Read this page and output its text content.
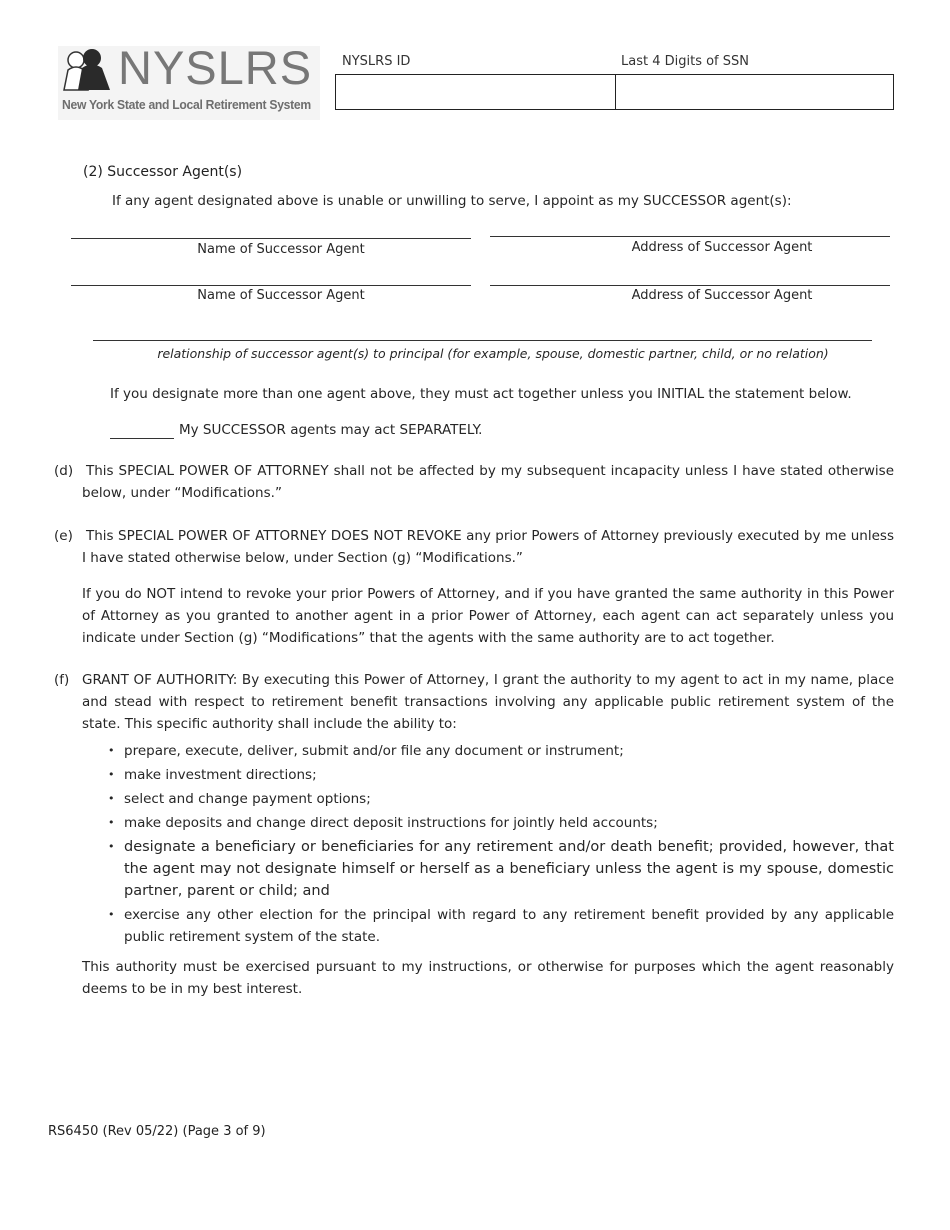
NYSLRS
New York State and Local Retirement System
NYSLRS ID	Last 4 Digits of SSN
(2) Successor Agent(s)
If any agent designated above is unable or unwilling to serve, I appoint as my SUCCESSOR agent(s):
Name of Successor Agent	Address of Successor Agent
Name of Successor Agent	Address of Successor Agent
relationship of successor agent(s) to principal (for example, spouse, domestic partner, child, or no relation)
If you designate more than one agent above, they must act together unless you INITIAL the statement below.
My SUCCESSOR agents may act SEPARATELY.
(d) This SPECIAL POWER OF ATTORNEY shall not be affected by my subsequent incapacity unless I have stated otherwise below, under “Modifications.”
(e) This SPECIAL POWER OF ATTORNEY DOES NOT REVOKE any prior Powers of Attorney previously executed by me unless I have stated otherwise below, under Section (g) “Modifications.”
If you do NOT intend to revoke your prior Powers of Attorney, and if you have granted the same authority in this Power of Attorney as you granted to another agent in a prior Power of Attorney, each agent can act separately unless you indicate under Section (g) “Modifications” that the agents with the same authority are to act together.
(f) GRANT OF AUTHORITY: By executing this Power of Attorney, I grant the authority to my agent to act in my name, place and stead with respect to retirement benefit transactions involving any applicable public retirement system of the state. This specific authority shall include the ability to:
• prepare, execute, deliver, submit and/or file any document or instrument;
• make investment directions;
• select and change payment options;
• make deposits and change direct deposit instructions for jointly held accounts;
• designate a beneficiary or beneficiaries for any retirement and/or death benefit; provided, however, that the agent may not designate himself or herself as a beneficiary unless the agent is my spouse, domestic partner, parent or child; and
• exercise any other election for the principal with regard to any retirement benefit provided by any applicable public retirement system of the state.
This authority must be exercised pursuant to my instructions, or otherwise for purposes which the agent reasonably deems to be in my best interest.
RS6450 (Rev 05/22) (Page 3 of 9)
